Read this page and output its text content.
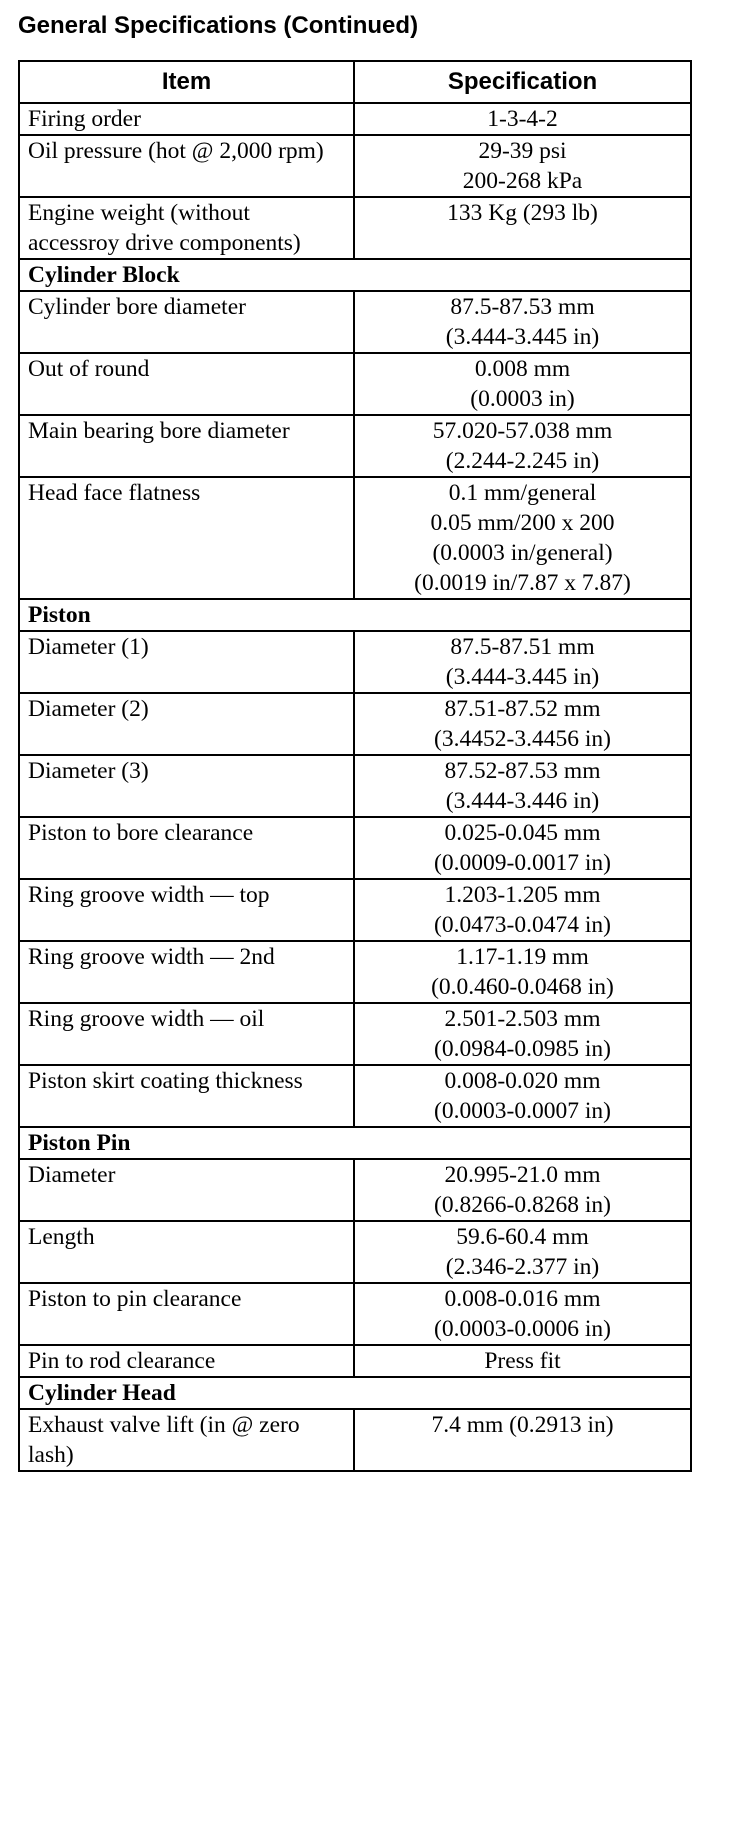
General Specifications (Continued)
Item	Specification
Firing order	1-3-4-2
Oil pressure (hot @ 2,000 rpm)	29-39 psi
200-268 kPa
Engine weight (without accessroy drive components)	133 Kg (293 lb)
Cylinder Block	
Cylinder bore diameter	87.5-87.53 mm
(3.444-3.445 in)
Out of round	0.008 mm
(0.0003 in)
Main bearing bore diameter	57.020-57.038 mm
(2.244-2.245 in)
Head face flatness	0.1 mm/general
0.05 mm/200 x 200
(0.0003 in/general)
(0.0019 in/7.87 x 7.87)
Piston	
Diameter (1)	87.5-87.51 mm
(3.444-3.445 in)
Diameter (2)	87.51-87.52 mm
(3.4452-3.4456 in)
Diameter (3)	87.52-87.53 mm
(3.444-3.446 in)
Piston to bore clearance	0.025-0.045 mm
(0.0009-0.0017 in)
Ring groove width — top	1.203-1.205 mm
(0.0473-0.0474 in)
Ring groove width — 2nd	1.17-1.19 mm
(0.0.460-0.0468 in)
Ring groove width — oil	2.501-2.503 mm
(0.0984-0.0985 in)
Piston skirt coating thickness	0.008-0.020 mm
(0.0003-0.0007 in)
Piston Pin	
Diameter	20.995-21.0 mm
(0.8266-0.8268 in)
Length	59.6-60.4 mm
(2.346-2.377 in)
Piston to pin clearance	0.008-0.016 mm
(0.0003-0.0006 in)
Pin to rod clearance	Press fit
Cylinder Head	
Exhaust valve lift (in @ zero lash)	7.4 mm (0.2913 in)
